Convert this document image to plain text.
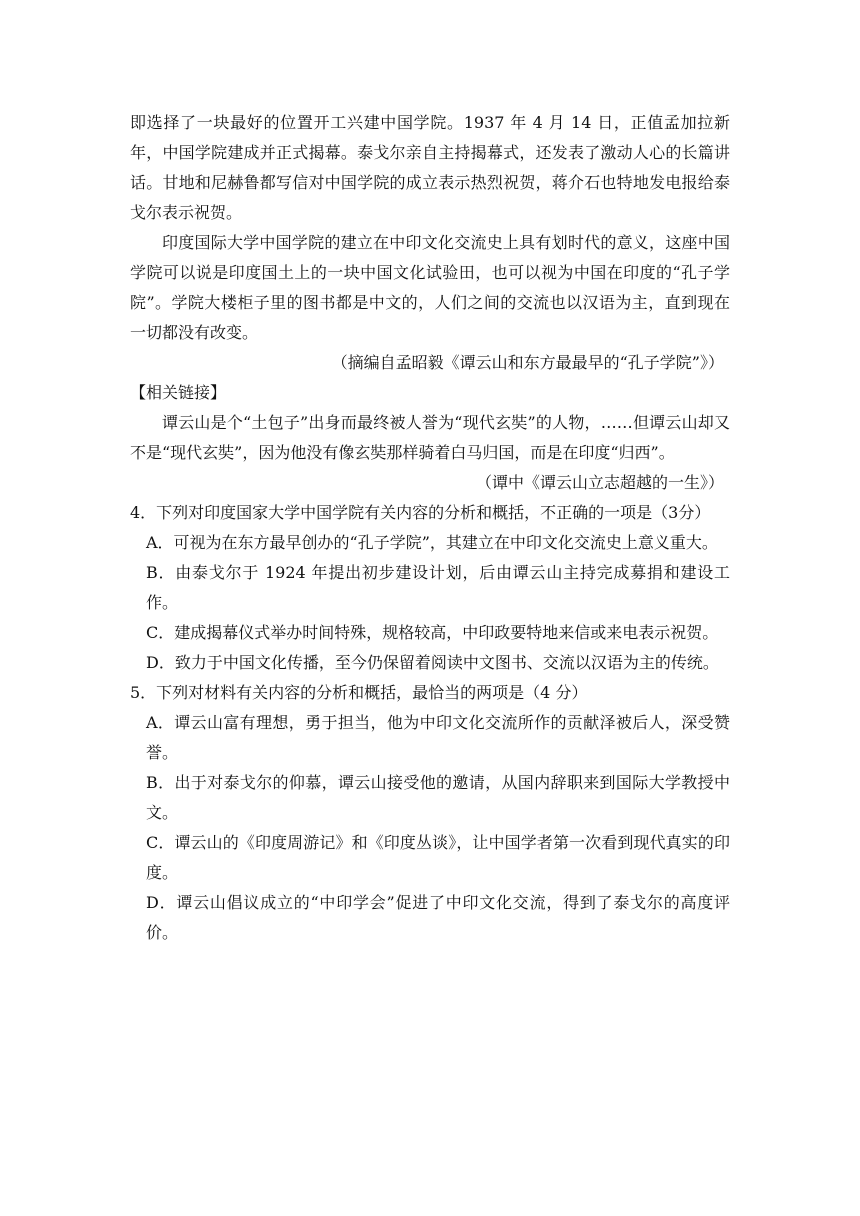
即选择了一块最好的位置开工兴建中国学院。1937 年 4 月 14 日，正值孟加拉新年，中国学院建成并正式揭幕。泰戈尔亲自主持揭幕式，还发表了激动人心的长篇讲话。甘地和尼赫鲁都写信对中国学院的成立表示热烈祝贺，蒋介石也特地发电报给泰戈尔表示祝贺。

印度国际大学中国学院的建立在中印文化交流史上具有划时代的意义，这座中国学院可以说是印度国土上的一块中国文化试验田，也可以视为中国在印度的“孔子学院”。学院大楼柜子里的图书都是中文的，人们之间的交流也以汉语为主，直到现在一切都没有改变。

（摘编自孟昭毅《谭云山和东方最最早的“孔子学院”》）

【相关链接】

谭云山是个“土包子”出身而最终被人誉为“现代玄奘”的人物，……但谭云山却又不是“现代玄奘”，因为他没有像玄奘那样骑着白马归国，而是在印度“归西”。

（谭中《谭云山立志超越的一生》）

4．下列对印度国家大学中国学院有关内容的分析和概括，不正确的一项是（3分）

A．可视为在东方最早创办的“孔子学院”，其建立在中印文化交流史上意义重大。

B．由泰戈尔于 1924 年提出初步建设计划，后由谭云山主持完成募捐和建设工作。

C．建成揭幕仪式举办时间特殊，规格较高，中印政要特地来信或来电表示祝贺。

D．致力于中国文化传播，至今仍保留着阅读中文图书、交流以汉语为主的传统。

5．下列对材料有关内容的分析和概括，最恰当的两项是（4 分）

A．谭云山富有理想，勇于担当，他为中印文化交流所作的贡献泽被后人，深受赞誉。

B．出于对泰戈尔的仰慕，谭云山接受他的邀请，从国内辞职来到国际大学教授中文。

C．谭云山的《印度周游记》和《印度丛谈》，让中国学者第一次看到现代真实的印度。

D．谭云山倡议成立的“中印学会”促进了中印文化交流，得到了泰戈尔的高度评价。
